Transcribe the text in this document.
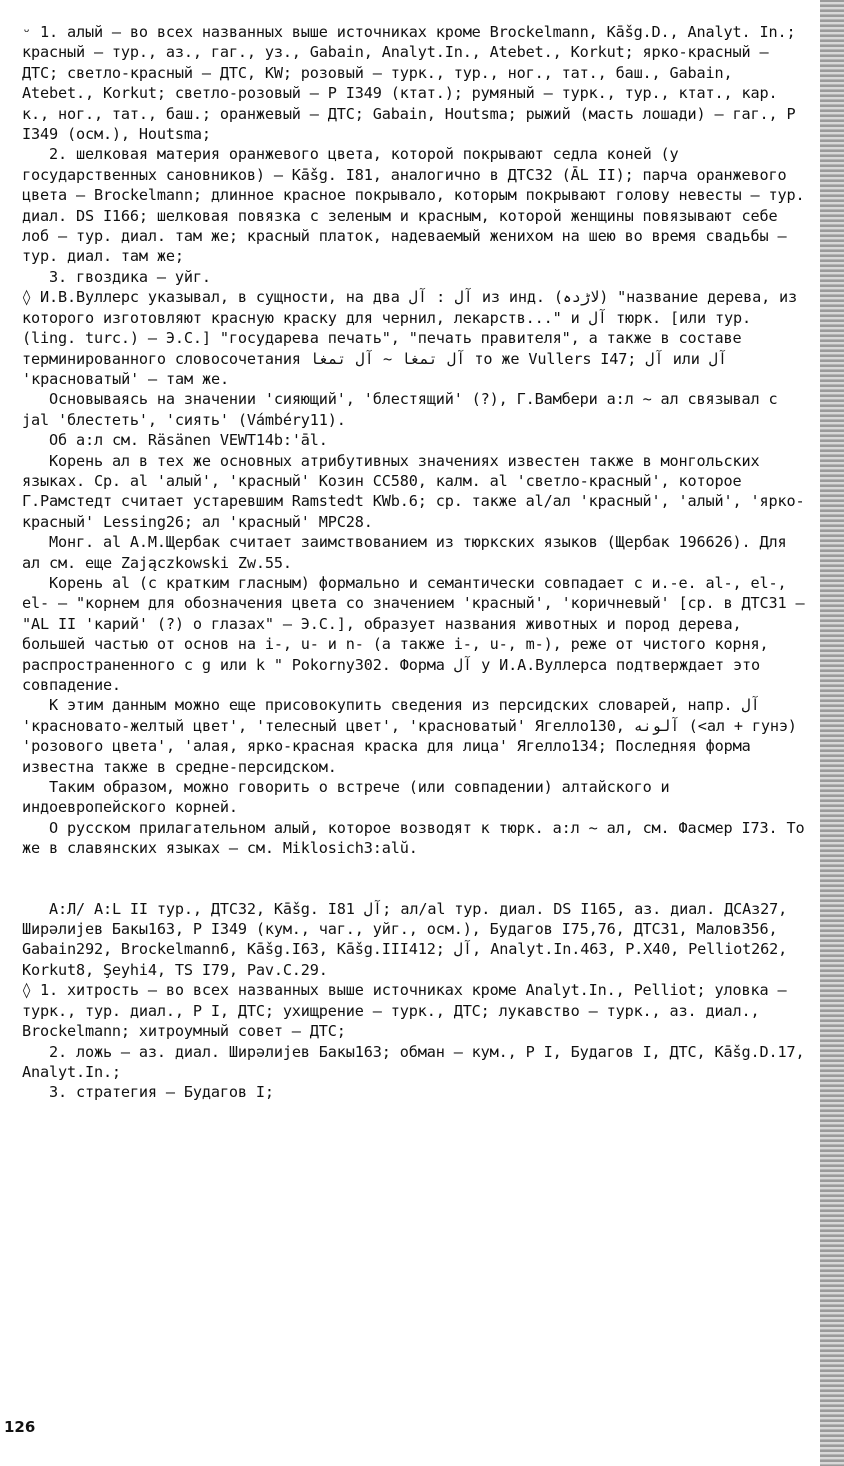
ᵕ 1. алый – во всех названных выше источниках кроме Brockelmann, Kāšg.D., Analyt. In.; красный – тур., аз., гаг., уз., Gabain, Analyt.In., Atebet., Korkut; ярко-красный – ДТС; светло-красный – ДТС, KW; розовый – турк., тур., ног., тат., баш., Gabain, Atebet., Korkut; светло-розовый – Р I349 (ктат.); румяный – турк., тур., ктат., кар. к., ног., тат., баш.; оранжевый – ДТС; Gabain, Houtsma; рыжий (масть лошади) – гаг., Р I349 (осм.), Houtsma;

2. шелковая материя оранжевого цвета, которой покрывают седла коней (у государственных сановников) – Kāšg. I81, аналогично в ДТС32 (ĀL II); парча оранжевого цвета – Brockelmann; длинное красное покрывало, которым покрывают голову невесты – тур. диал. DS I166; шелковая повязка с зеленым и красным, которой женщины повязывают себе лоб – тур. диал. там же; красный платок, надеваемый женихом на шею во время свадьбы – тур. диал. там же;

3. гвоздика – уйг.

◊ И.В.Вуллерс указывал, в сущности, на два آل : آل из инд. (لاڑدہ) "название дерева, из которого изготовляют красную краску для чернил, лекарств..." и آل тюрк. [или тур. (ling. turc.) – Э.С.] "государева печать", "печать правителя", а также в составе терминированного словосочетания آل تمغا ~ آل تمغا то же Vullers I47; آل или آل 'красноватый' – там же.

Основываясь на значении 'сияющий', 'блестящий' (?), Г.Вамбери а:л ~ ал связывал с jal 'блестеть', 'сиять' (Vámbéry11).

Об а:л см. Räsänen VEWT14b:'āl.

Корень ал в тех же основных атрибутивных значениях известен также в монгольских языках. Ср. al 'алый', 'красный' Козин СС580, калм. al 'светло-красный', которое Г.Рамстедт считает устаревшим Ramstedt KWb.6; ср. также al/ал 'красный', 'алый', 'ярко-красный' Lessing26; ал 'красный' МРС28.

Монг. al А.М.Щербак считает заимствованием из тюркских языков (Щербак 196626). Для ал см. еще Zajączkowski Zw.55.

Корень al (с кратким гласным) формально и семантически совпадает с и.-е. al-, el-, el- – "корнем для обозначения цвета со значением 'красный', 'коричневый' [ср. в ДТС31 – "AL II 'карий' (?) о глазах" – Э.С.], образует названия животных и пород дерева, большей частью от основ на i-, u- и n- (а также i-, u-, m-), реже от чистого корня, распространенного с g или k " Pokorny302. Форма آل у И.А.Вуллерса подтверждает это совпадение.

К этим данным можно еще присовокупить сведения из персидских словарей, напр. آل 'красновато-желтый цвет', 'телесный цвет', 'красноватый' Ягелло130, آلونه (<ал + гунэ) 'розового цвета', 'алая, ярко-красная краска для лица' Ягелло134; Последняя форма известна также в средне-персидском.

Таким образом, можно говорить о встрече (или совпадении) алтайского и индоевропейского корней.

О русском прилагательном алый, которое возводят к тюрк. а:л ~ ал, см. Фасмер I73. То же в славянских языках – см. Miklosich3:alŭ.

А:Л/ A:L II тур., ДТС32, Kāšg. I81 آل; ал/al тур. диал. DS I165, аз. диал. ДСАз27, Ширәлиjев Бакы163, Р I349 (кум., чаг., уйг., осм.), Будагов I75,76, ДТС31, Малов356, Gabain292, Brockelmann6, Kāšg.I63, Kāšg.III412; آل, Analyt.In.463, Р.X40, Pelliot262, Korkut8, Şeyhi4, TS I79, Pav.C.29.

◊ 1. хитрость – во всех названных выше источниках кроме Analyt.In., Pelliot; уловка – турк., тур. диал., Р I, ДТС; ухищрение – турк., ДТС; лукавство – турк., аз. диал., Brockelmann; хитроумный совет – ДТС;

2. ложь – аз. диал. Ширәлиjев Бакы163; обман – кум., Р I, Будагов I, ДТС, Kāšg.D.17, Analyt.In.;

3. стратегия – Будагов I;

126
